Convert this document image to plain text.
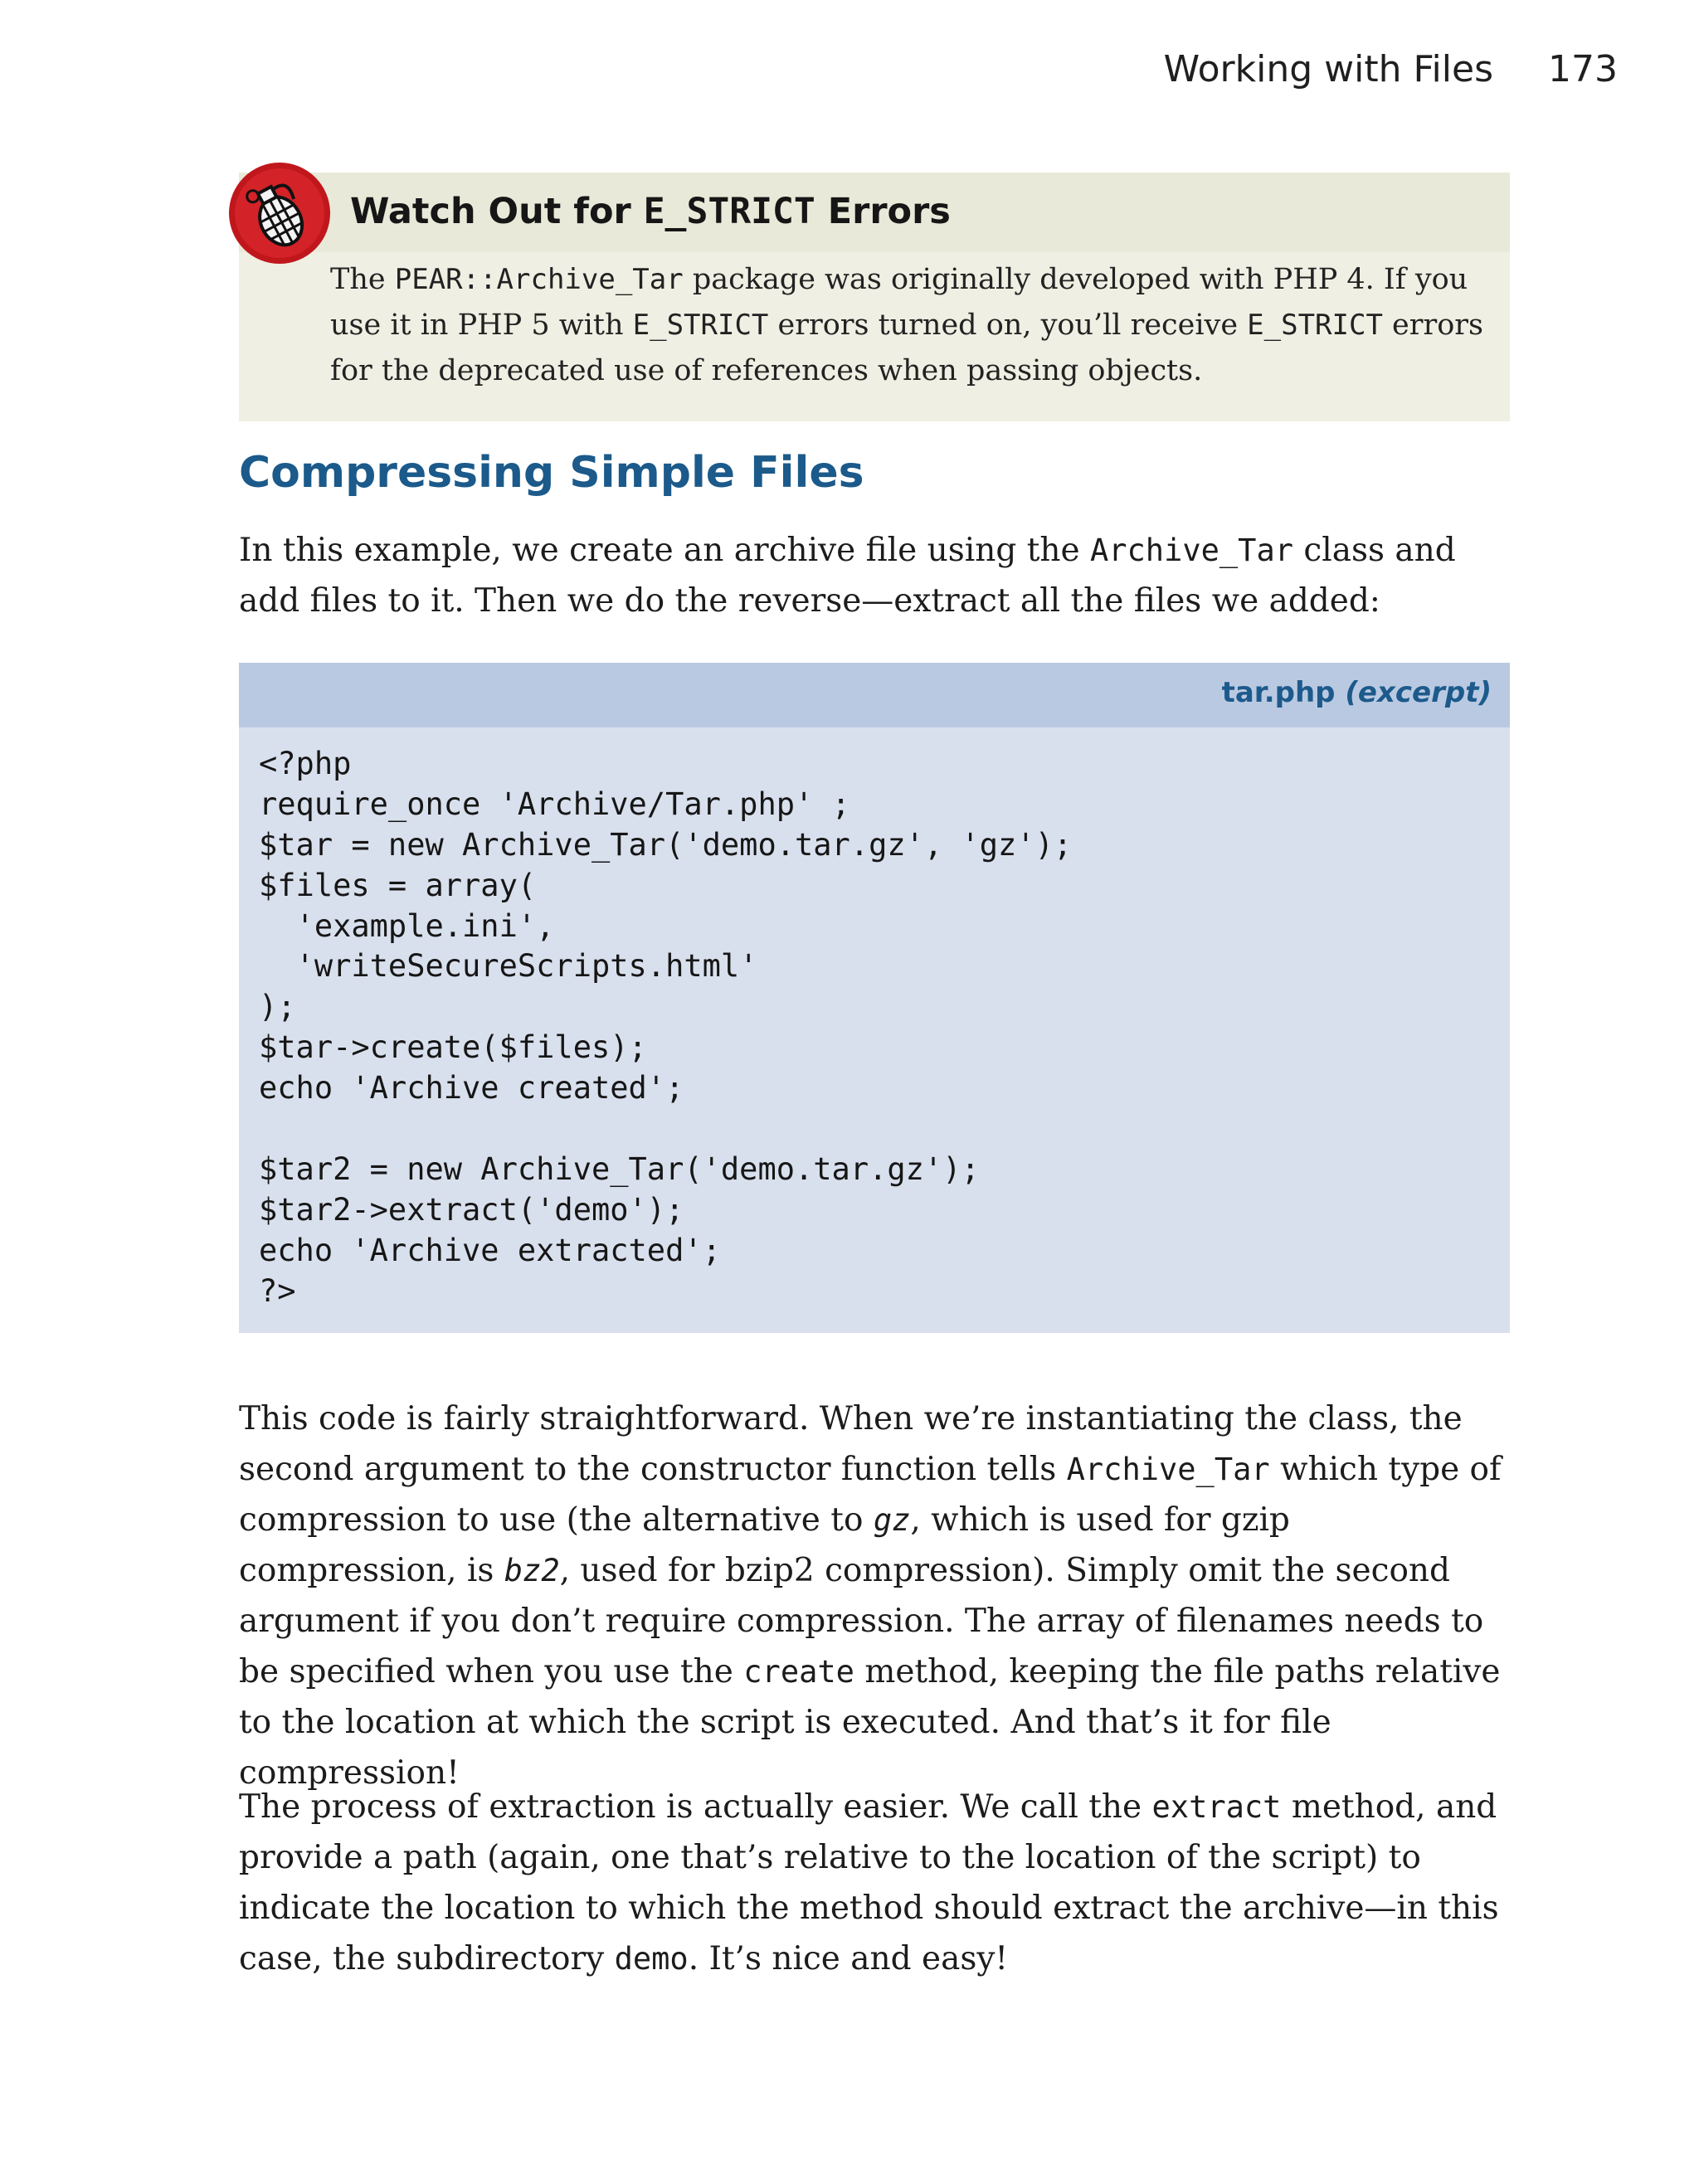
Working with Files 173
Watch Out for E_STRICT Errors
The PEAR::Archive_Tar package was originally developed with PHP 4. If you use it in PHP 5 with E_STRICT errors turned on, you’ll receive E_STRICT errors for the deprecated use of references when passing objects.
Compressing Simple Files
In this example, we create an archive file using the Archive_Tar class and add files to it. Then we do the reverse—extract all the files we added:
tar.php (excerpt)
<?php
require_once 'Archive/Tar.php' ;
$tar = new Archive_Tar('demo.tar.gz', 'gz');
$files = array(
'example.ini',
'writeSecureScripts.html'
);
$tar->create($files);
echo 'Archive created';
$tar2 = new Archive_Tar('demo.tar.gz');
$tar2->extract('demo');
echo 'Archive extracted';
?>
This code is fairly straightforward. When we’re instantiating the class, the second argument to the constructor function tells Archive_Tar which type of compression to use (the alternative to gz, which is used for gzip compression, is bz2, used for bzip2 compression). Simply omit the second argument if you don’t require compression. The array of filenames needs to be specified when you use the create method, keeping the file paths relative to the location at which the script is executed. And that’s it for file compression!
The process of extraction is actually easier. We call the extract method, and provide a path (again, one that’s relative to the location of the script) to indicate the location to which the method should extract the archive—in this case, the subdirectory demo. It’s nice and easy!
